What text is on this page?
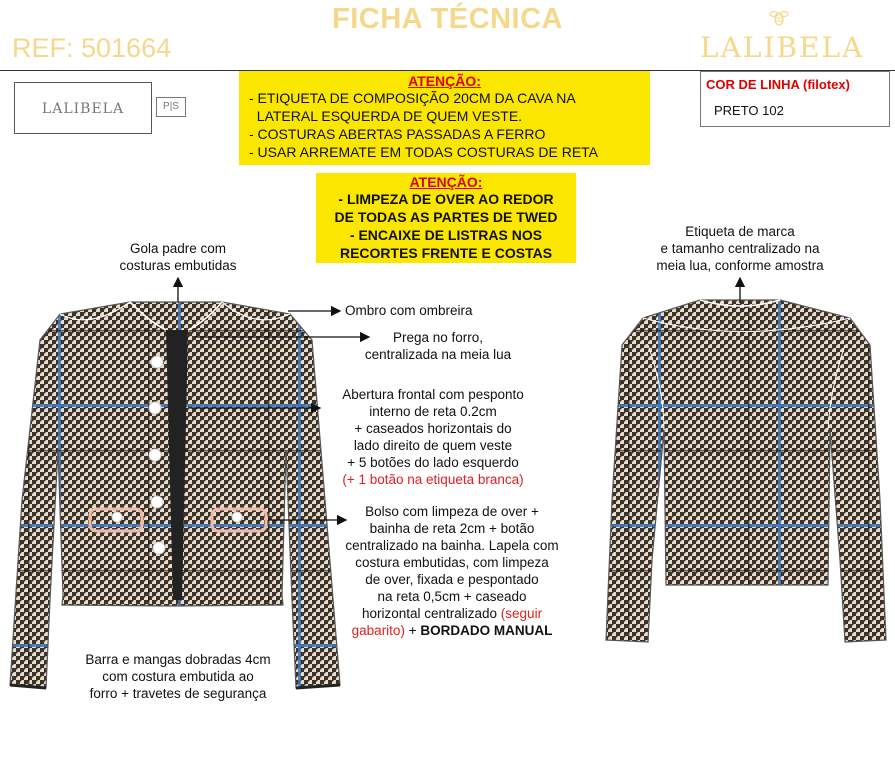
FICHA TÉCNICA
REF: 501664	LALIBELA
LALIBELA	P|S
ATENÇÃO:
- ETIQUETA DE COMPOSIÇÃO 20CM DA CAVA NA
LATERAL ESQUERDA DE QUEM VESTE.
- COSTURAS ABERTAS PASSADAS A FERRO
- USAR ARREMATE EM TODAS COSTURAS DE RETA
COR DE LINHA (filotex)
PRETO 102
ATENÇÃO:
- LIMPEZA DE OVER AO REDOR
DE TODAS AS PARTES DE TWED
- ENCAIXE DE LISTRAS NOS
RECORTES FRENTE E COSTAS
Gola padre com
costuras embutidas
Ombro com ombreira
Prega no forro,
centralizada na meia lua
Abertura frontal com pesponto
interno de reta 0.2cm
+ caseados horizontais do
lado direito de quem veste
+ 5 botões do lado esquerdo
(+ 1 botão na etiqueta branca)
Bolso com limpeza de over +
bainha de reta 2cm + botão
centralizado na bainha. Lapela com
costura embutidas, com limpeza
de over, fixada e pespontado
na reta 0,5cm + caseado
horizontal centralizado (seguir
gabarito) + BORDADO MANUAL
Barra e mangas dobradas 4cm
com costura embutida ao
forro + travetes de segurança
Etiqueta de marca
e tamanho centralizado na
meia lua, conforme amostra
